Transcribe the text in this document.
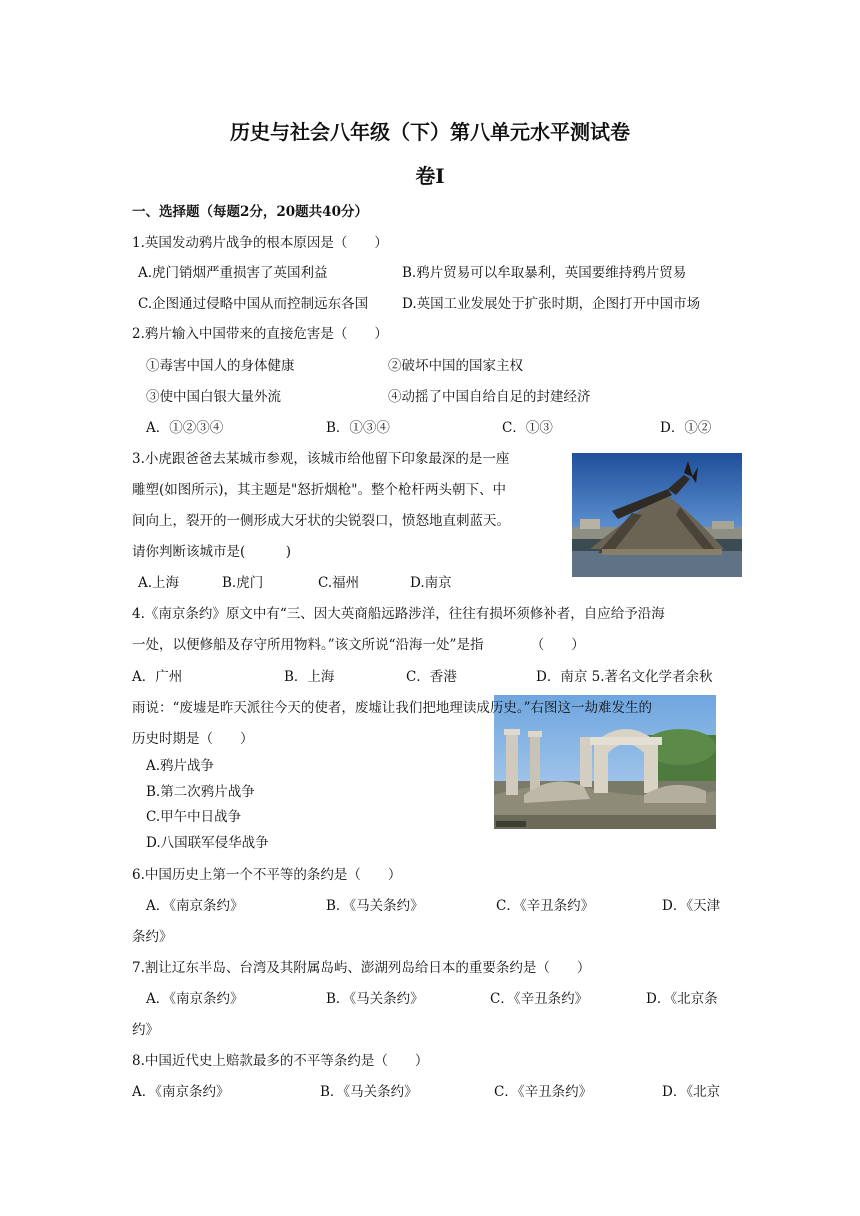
历史与社会八年级（下）第八单元水平测试卷
卷Ⅰ
一、选择题（每题2分，20题共40分）
1.英国发动鸦片战争的根本原因是（　　）
A.虎门销烟严重损害了英国利益	B.鸦片贸易可以牟取暴利，英国要维持鸦片贸易
C.企图通过侵略中国从而控制远东各国	D.英国工业发展处于扩张时期，企图打开中国市场
2.鸦片输入中国带来的直接危害是（　　）
①毒害中国人的身体健康	②破坏中国的国家主权
③使中国白银大量外流	④动摇了中国自给自足的封建经济
A．①②③④	B．①③④	C．①③	D．①②
3.小虎跟爸爸去某城市参观，该城市给他留下印象最深的是一座
雕塑(如图所示)，其主题是"怒折烟枪"。整个枪杆两头朝下、中
间向上，裂开的一侧形成大牙状的尖锐裂口，愤怒地直刺蓝天。
请你判断该城市是(　　　)
A.上海	B.虎门	C.福州	D.南京
4.《南京条约》原文中有“三、因大英商船远路涉洋，往往有损坏须修补者，自应给予沿海
一处，以便修船及存守所用物料。”该文所说“沿海一处”是指　　　　（　　）
A．广州	B．上海	C．香港	D．南京 5.著名文化学者余秋
雨说：“废墟是昨天派往今天的使者，废墟让我们把地理读成历史。”右图这一劫难发生的
历史时期是（　　）
A.鸦片战争
B.第二次鸦片战争
C.甲午中日战争
D.八国联军侵华战争
6.中国历史上第一个不平等的条约是（　　）
A．《南京条约》	B．《马关条约》	C．《辛丑条约》	D．《天津
条约》
7.割让辽东半岛、台湾及其附属岛屿、澎湖列岛给日本的重要条约是（　　）
A．《南京条约》	B．《马关条约》	C．《辛丑条约》	D．《北京条
约》
8.中国近代史上赔款最多的不平等条约是（　　）
A．《南京条约》	B．《马关条约》	C．《辛丑条约》	D．《北京
